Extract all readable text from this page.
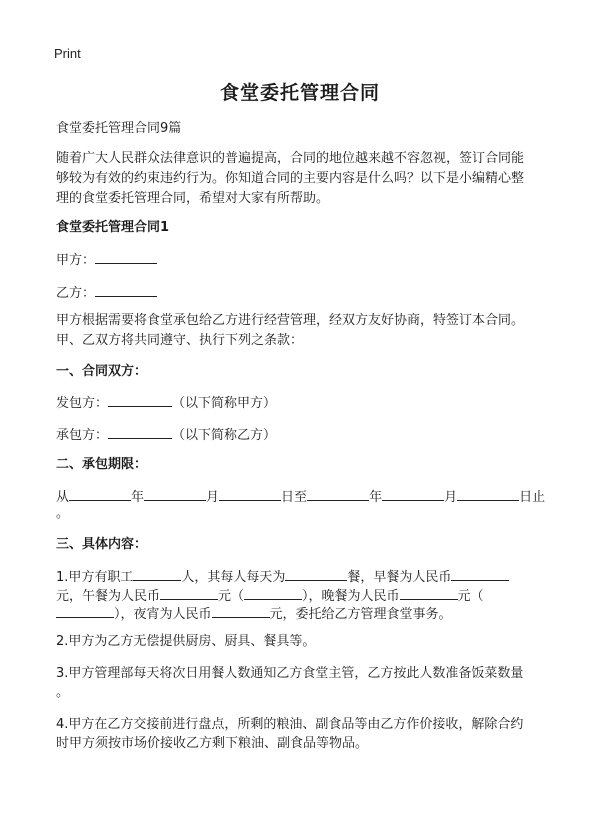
Print
食堂委托管理合同
食堂委托管理合同9篇
随着广大人民群众法律意识的普遍提高，合同的地位越来越不容忽视，签订合同能
够较为有效的约束违约行为。你知道合同的主要内容是什么吗？以下是小编精心整
理的食堂委托管理合同，希望对大家有所帮助。
食堂委托管理合同1
甲方：
乙方：
甲方根据需要将食堂承包给乙方进行经营管理，经双方友好协商，特签订本合同。
甲、乙双方将共同遵守、执行下列之条款：
一、合同双方：
发包方：	（以下简称甲方）
承包方：	（以下简称乙方）
二、承包期限：
从	年	月	日至	年	月	日止
。
三、具体内容：
1.甲方有职工	人，其每人每天为	餐，早餐为人民币
元，午餐为人民币	元（	），晚餐为人民币	元（
），夜宵为人民币	元，委托给乙方管理食堂事务。
2.甲方为乙方无偿提供厨房、厨具、餐具等。
3.甲方管理部每天将次日用餐人数通知乙方食堂主管，乙方按此人数准备饭菜数量
。
4.甲方在乙方交接前进行盘点，所剩的粮油、副食品等由乙方作价接收，解除合约
时甲方须按市场价接收乙方剩下粮油、副食品等物品。
